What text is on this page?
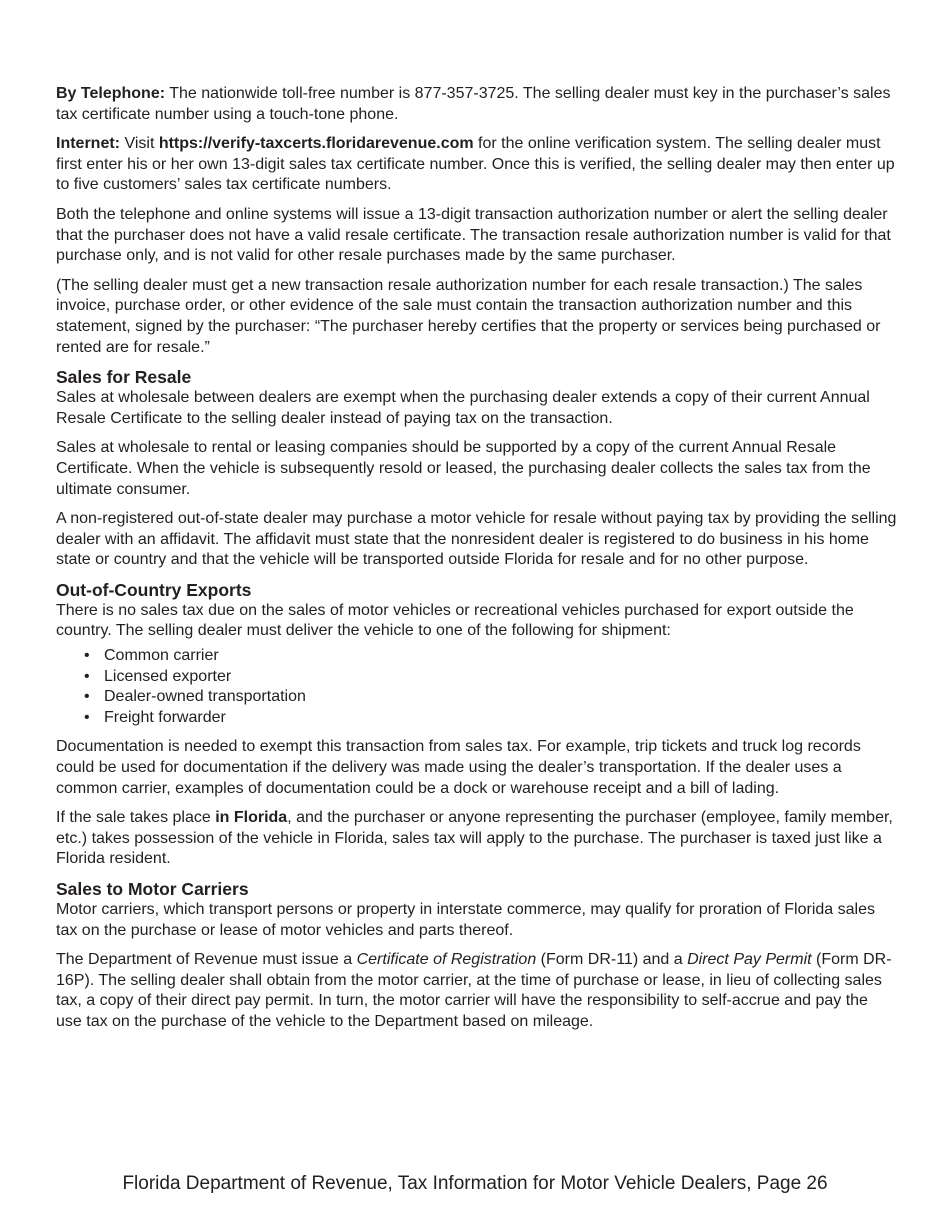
By Telephone: The nationwide toll-free number is 877-357-3725. The selling dealer must key in the purchaser’s sales tax certificate number using a touch-tone phone.

Internet: Visit https://verify-taxcerts.floridarevenue.com for the online verification system. The selling dealer must first enter his or her own 13-digit sales tax certificate number. Once this is verified, the selling dealer may then enter up to five customers’ sales tax certificate numbers.

Both the telephone and online systems will issue a 13-digit transaction authorization number or alert the selling dealer that the purchaser does not have a valid resale certificate. The transaction resale authorization number is valid for that purchase only, and is not valid for other resale purchases made by the same purchaser.

(The selling dealer must get a new transaction resale authorization number for each resale transaction.) The sales invoice, purchase order, or other evidence of the sale must contain the transaction authorization number and this statement, signed by the purchaser: “The purchaser hereby certifies that the property or services being purchased or rented are for resale.”

Sales for Resale

Sales at wholesale between dealers are exempt when the purchasing dealer extends a copy of their current Annual Resale Certificate to the selling dealer instead of paying tax on the transaction.

Sales at wholesale to rental or leasing companies should be supported by a copy of the current Annual Resale Certificate. When the vehicle is subsequently resold or leased, the purchasing dealer collects the sales tax from the ultimate consumer.

A non-registered out-of-state dealer may purchase a motor vehicle for resale without paying tax by providing the selling dealer with an affidavit. The affidavit must state that the nonresident dealer is registered to do business in his home state or country and that the vehicle will be transported outside Florida for resale and for no other purpose.

Out-of-Country Exports

There is no sales tax due on the sales of motor vehicles or recreational vehicles purchased for export outside the country. The selling dealer must deliver the vehicle to one of the following for shipment:

• Common carrier
• Licensed exporter
• Dealer-owned transportation
• Freight forwarder

Documentation is needed to exempt this transaction from sales tax. For example, trip tickets and truck log records could be used for documentation if the delivery was made using the dealer’s transportation. If the dealer uses a common carrier, examples of documentation could be a dock or warehouse receipt and a bill of lading.

If the sale takes place in Florida, and the purchaser or anyone representing the purchaser (employee, family member, etc.) takes possession of the vehicle in Florida, sales tax will apply to the purchase. The purchaser is taxed just like a Florida resident.

Sales to Motor Carriers

Motor carriers, which transport persons or property in interstate commerce, may qualify for proration of Florida sales tax on the purchase or lease of motor vehicles and parts thereof.

The Department of Revenue must issue a Certificate of Registration (Form DR-11) and a Direct Pay Permit (Form DR-16P). The selling dealer shall obtain from the motor carrier, at the time of purchase or lease, in lieu of collecting sales tax, a copy of their direct pay permit. In turn, the motor carrier will have the responsibility to self-accrue and pay the use tax on the purchase of the vehicle to the Department based on mileage.

Florida Department of Revenue, Tax Information for Motor Vehicle Dealers, Page 26
